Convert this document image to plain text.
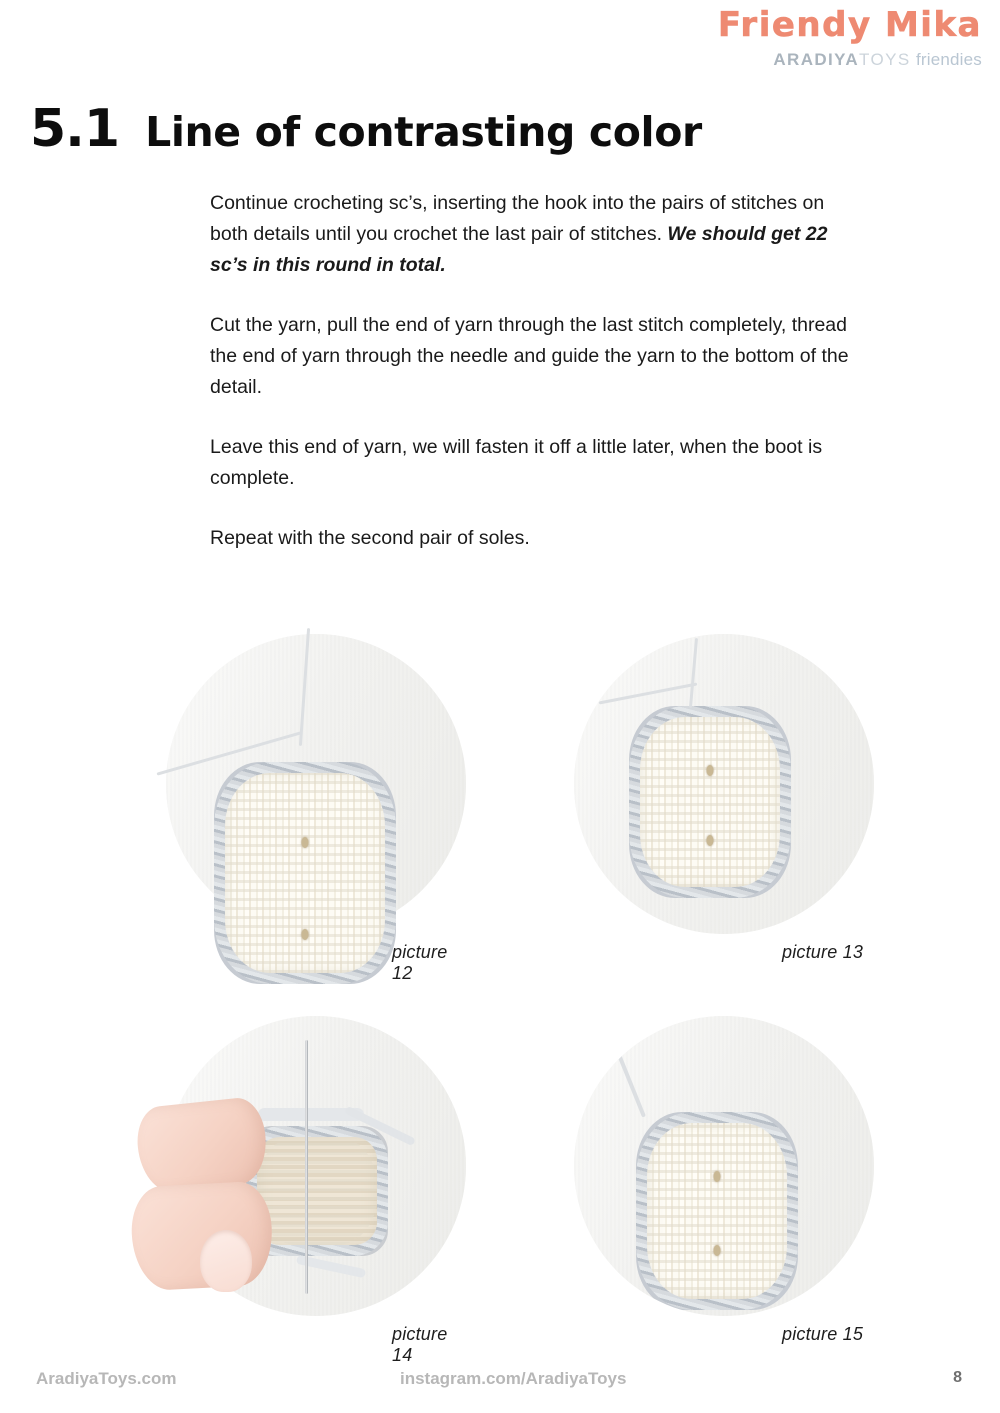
Friendy Mika
ARADIYATOYS friendies
5.1 Line of contrasting color

Continue crocheting sc’s, inserting the hook into the pairs of stitches on both details until you crochet the last pair of stitches. We should get 22 sc’s in this round in total.

Cut the yarn, pull the end of yarn through the last stitch completely, thread the end of yarn through the needle and guide the yarn to the bottom of the detail.

Leave this end of yarn, we will fasten it off a little later, when the boot is complete.

Repeat with the second pair of soles.

picture 12
picture 13
picture 14
picture 15
AradiyaToys.com	instagram.com/AradiyaToys	8
